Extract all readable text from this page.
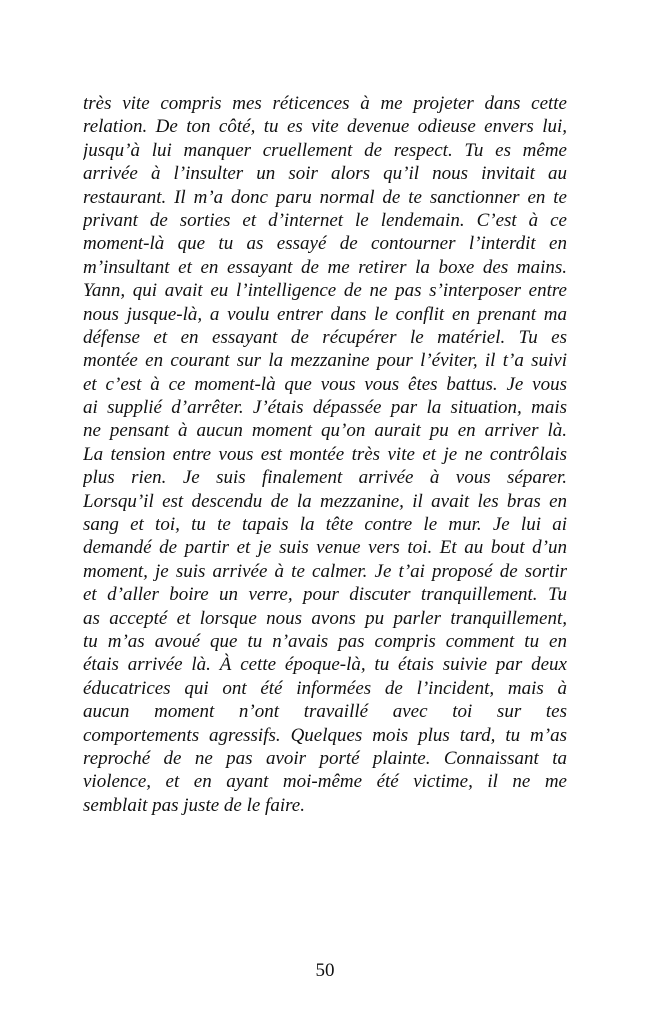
très vite compris mes réticences à me projeter dans cette
relation. De ton côté, tu es vite devenue odieuse envers lui,
jusqu’à lui manquer cruellement de respect. Tu es même
arrivée à l’insulter un soir alors qu’il nous invitait au
restaurant. Il m’a donc paru normal de te sanctionner en te
privant de sorties et d’internet le lendemain. C’est à ce
moment-là que tu as essayé de contourner l’interdit en
m’insultant et en essayant de me retirer la boxe des mains.
Yann, qui avait eu l’intelligence de ne pas s’interposer entre
nous jusque-là, a voulu entrer dans le conflit en prenant ma
défense et en essayant de récupérer le matériel. Tu es
montée en courant sur la mezzanine pour l’éviter, il t’a suivi
et c’est à ce moment-là que vous vous êtes battus. Je vous
ai supplié d’arrêter. J’étais dépassée par la situation, mais
ne pensant à aucun moment qu’on aurait pu en arriver là.
La tension entre vous est montée très vite et je ne contrôlais
plus rien. Je suis finalement arrivée à vous séparer.
Lorsqu’il est descendu de la mezzanine, il avait les bras en
sang et toi, tu te tapais la tête contre le mur. Je lui ai
demandé de partir et je suis venue vers toi. Et au bout d’un
moment, je suis arrivée à te calmer. Je t’ai proposé de sortir
et d’aller boire un verre, pour discuter tranquillement. Tu
as accepté et lorsque nous avons pu parler tranquillement,
tu m’as avoué que tu n’avais pas compris comment tu en
étais arrivée là. À cette époque-là, tu étais suivie par deux
éducatrices qui ont été informées de l’incident, mais à
aucun moment n’ont travaillé avec toi sur tes
comportements agressifs. Quelques mois plus tard, tu m’as
reproché de ne pas avoir porté plainte. Connaissant ta
violence, et en ayant moi-même été victime, il ne me
semblait pas juste de le faire.
50
